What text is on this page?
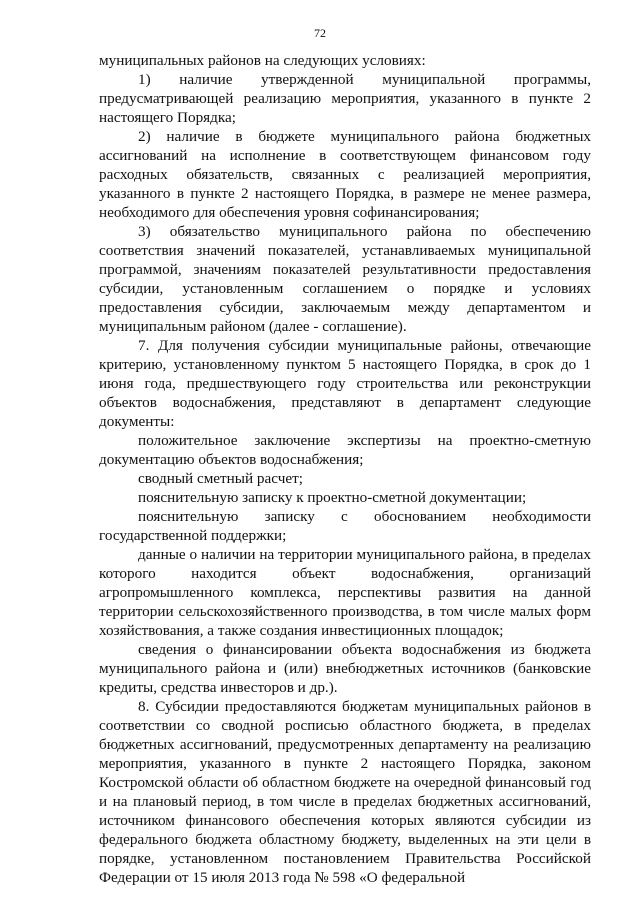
72

муниципальных районов на следующих условиях:

1) наличие утвержденной муниципальной программы, предусматривающей реализацию мероприятия, указанного в пункте 2 настоящего Порядка;

2) наличие в бюджете муниципального района бюджетных ассигнований на исполнение в соответствующем финансовом году расходных обязательств, связанных с реализацией мероприятия, указанного в пункте 2 настоящего Порядка, в размере не менее размера, необходимого для обеспечения уровня софинансирования;

3) обязательство муниципального района по обеспечению соответствия значений показателей, устанавливаемых муниципальной программой, значениям показателей результативности предоставления субсидии, установленным соглашением о порядке и условиях предоставления субсидии, заключаемым между департаментом и муниципальным районом (далее - соглашение).

7. Для получения субсидии муниципальные районы, отвечающие критерию, установленному пунктом 5 настоящего Порядка, в срок до 1 июня года, предшествующего году строительства или реконструкции объектов водоснабжения, представляют в департамент следующие документы:

положительное заключение экспертизы на проектно-сметную документацию объектов водоснабжения;

сводный сметный расчет;

пояснительную записку к проектно-сметной документации;

пояснительную записку с обоснованием необходимости государственной поддержки;

данные о наличии на территории муниципального района, в пределах которого находится объект водоснабжения, организаций агропромышленного комплекса, перспективы развития на данной территории сельскохозяйственного производства, в том числе малых форм хозяйствования, а также создания инвестиционных площадок;

сведения о финансировании объекта водоснабжения из бюджета муниципального района и (или) внебюджетных источников (банковские кредиты, средства инвесторов и др.).

8. Субсидии предоставляются бюджетам муниципальных районов в соответствии со сводной росписью областного бюджета, в пределах бюджетных ассигнований, предусмотренных департаменту на реализацию мероприятия, указанного в пункте 2 настоящего Порядка, законом Костромской области об областном бюджете на очередной финансовый год и на плановый период, в том числе в пределах бюджетных ассигнований, источником финансового обеспечения которых являются субсидии из федерального бюджета областному бюджету, выделенных на эти цели в порядке, установленном постановлением Правительства Российской Федерации от 15 июля 2013 года № 598 «О федеральной
